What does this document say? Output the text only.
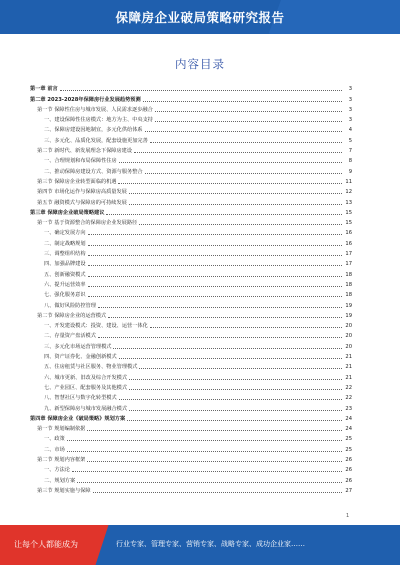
保障房企业破局策略研究报告
内容目录
第一章 前言	3
第二章 2023-2028年保障房行业发展趋势预测	3
第一节 保障性住房与城市发展、人民需求逐步融合	3
一、建设保障性住房模式：地方为主、中央支持	3
二、保障房建设因地制宜，多元化供给体系	4
三、多元化、品质化发展，配套设施更加完善	5
第二节 新时代、新发展理念下保障房建设	7
一、合理规划和布局保障性住房	8
二、推动保障房建设方式、资源与服务整合	9
第三节 保障房企业转型面临的机遇	11
第四节 市场化运作与保障房高质量发展	12
第五节 融资模式与保障房的可持续发展	13
第三章 保障房企业破局策略建议	15
第一节 基于资源整合的保障房企业发展路径	15
一、确定发展方向	16
二、制定战略规划	16
三、调整组织结构	17
四、加强品牌建设	17
五、创新融资模式	18
六、提升运营效率	18
七、强化服务意识	18
八、做好风险防控管理	19
第二节 保障房企业的运营模式	19
一、开发建设模式：投资、建设、运营一体化	20
二、存量资产盘活模式	20
三、多元化市场运营管理模式	20
四、资产证券化、金融创新模式	21
五、住房租赁与社区服务、物业管理模式	21
六、城市更新、旧改及综合开发模式	21
七、产业园区、配套服务及其他模式	22
八、智慧社区与数字化转型模式	22
九、新型保障房与城市发展融合模式	23
第四章 保障房企业《破局策略》规划方案	24
第一节 规划编制依据	24
一、政策	25
二、市场	25
第二节 规划内容框架	26
一、方法论	26
二、规划方案	26
第三节 规划实施与保障	27
1
让每个人都能成为	行业专家、管理专家、营销专家、战略专家、成功企业家……
